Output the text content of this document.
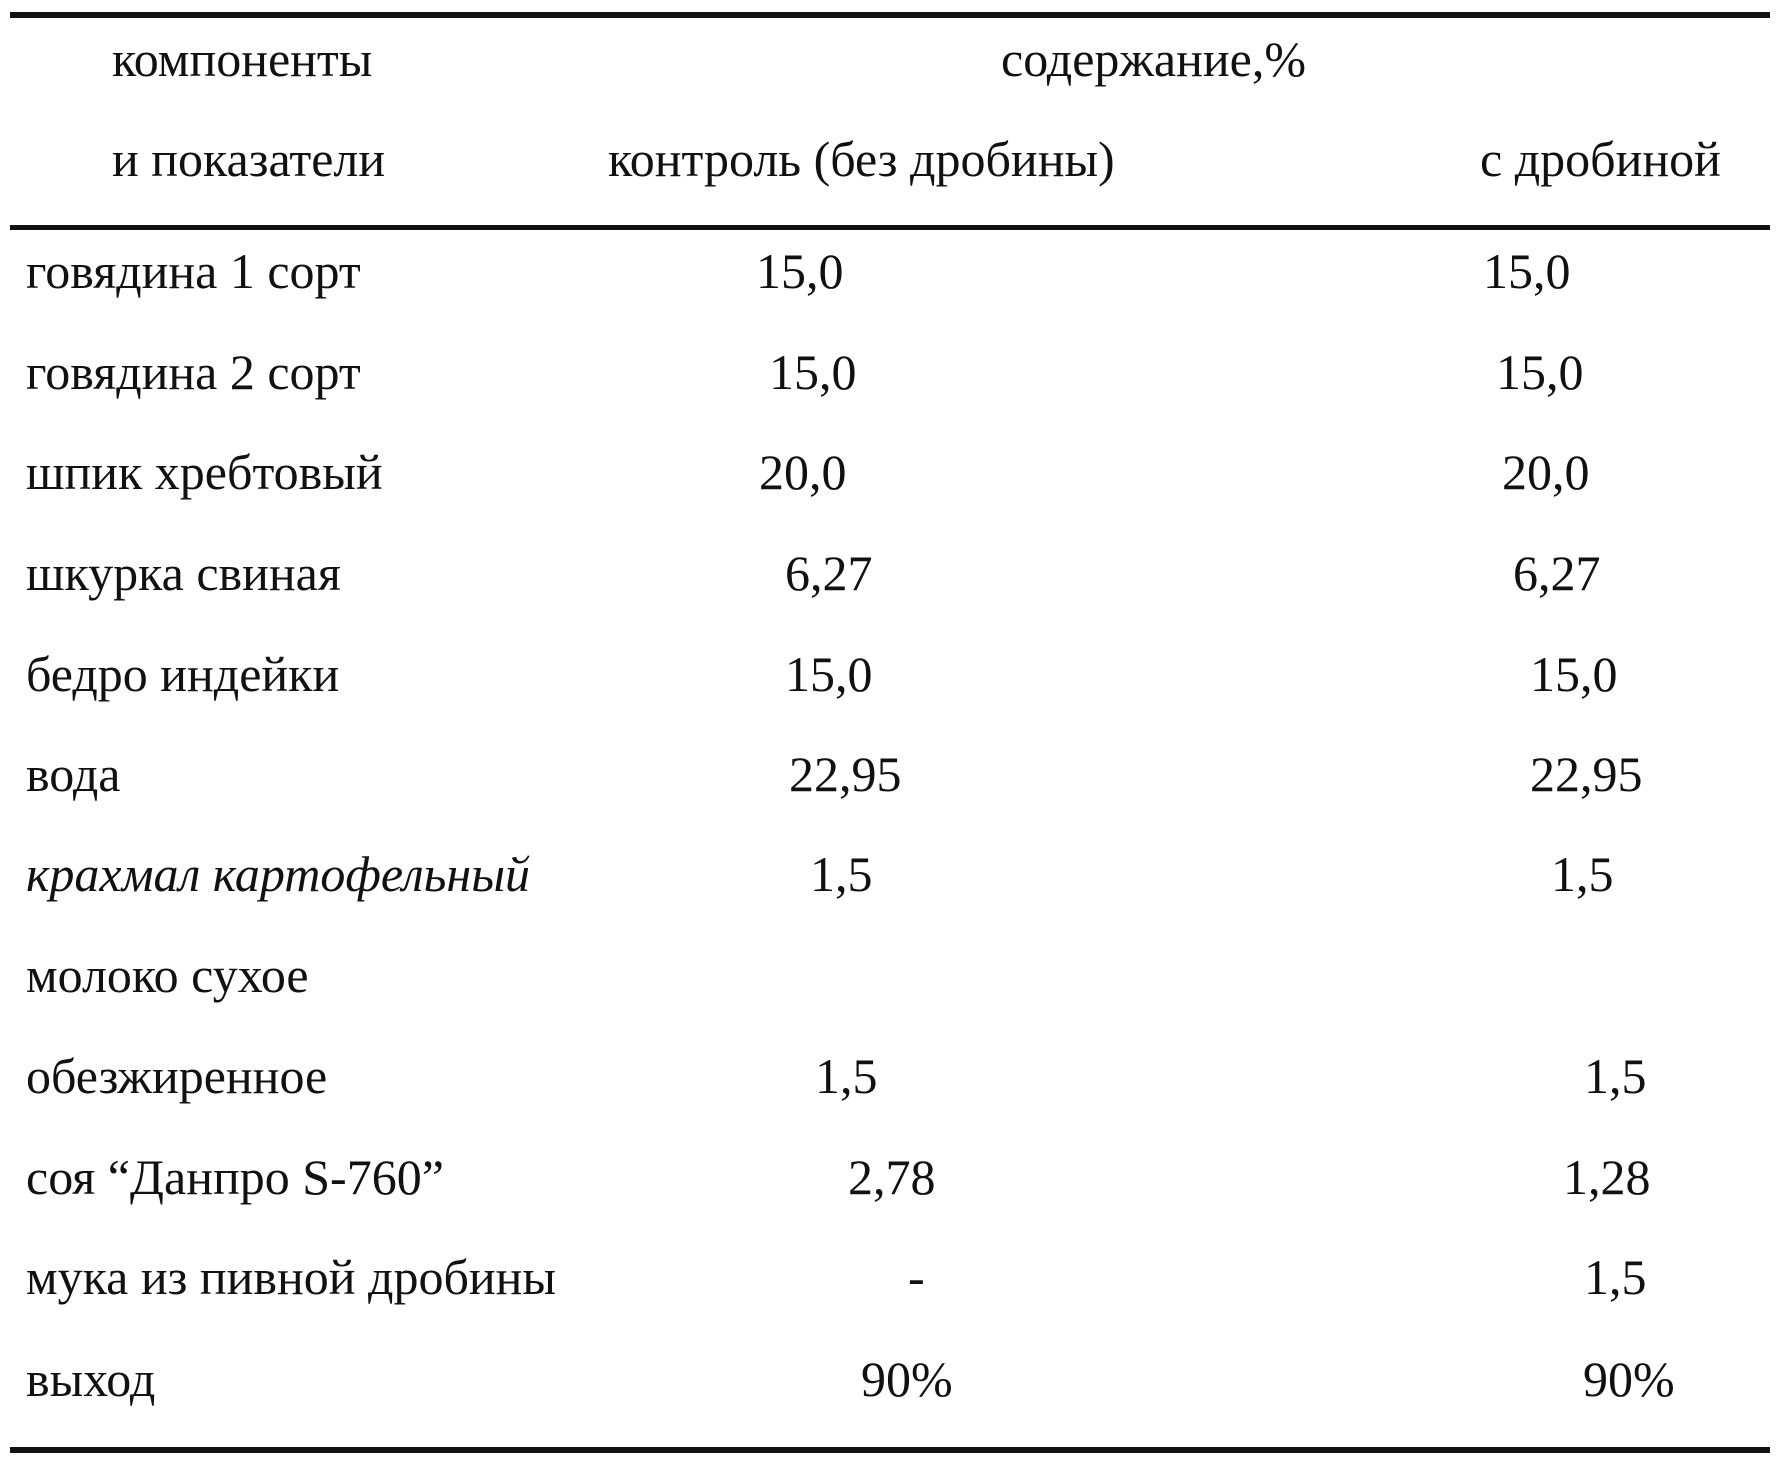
компоненты	содержание,%
и показатели	контроль (без дробины)	с дробиной
говядина 1 сорт	15,0	15,0
говядина 2 сорт	15,0	15,0
шпик хребтовый	20,0	20,0
шкурка свиная	6,27	6,27
бедро индейки	15,0	15,0
вода	22,95	22,95
крахмал картофельный	1,5	1,5
молоко сухое
обезжиренное	1,5	1,5
соя “Данпро S-760”	2,78	1,28
мука из пивной дробины	-	1,5
выход	90%	90%
